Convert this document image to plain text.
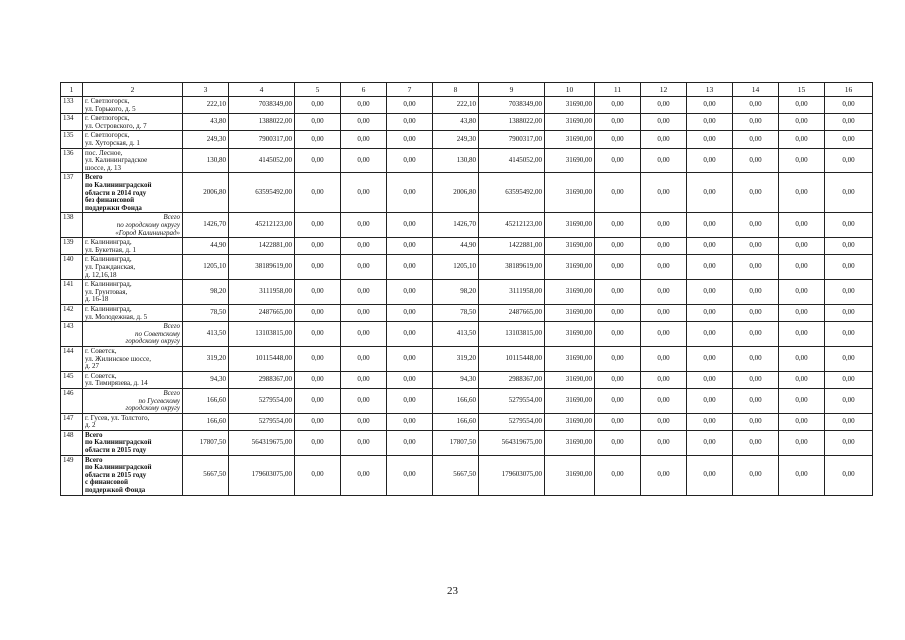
1	2	3	4	5	6	7	8	9	10	11	12	13	14	15	16
133	г. Светлогорск,
ул. Горького, д. 5	222,10	7038349,00	0,00	0,00	0,00	222,10	7038349,00	31690,00	0,00	0,00	0,00	0,00	0,00	0,00
134	г. Светлогорск,
ул. Островского, д. 7	43,80	1388022,00	0,00	0,00	0,00	43,80	1388022,00	31690,00	0,00	0,00	0,00	0,00	0,00	0,00
135	г. Светлогорск,
ул. Хуторская, д. 1	249,30	7900317,00	0,00	0,00	0,00	249,30	7900317,00	31690,00	0,00	0,00	0,00	0,00	0,00	0,00
136	пос. Лесное,
ул. Калининградское
шоссе, д. 13	130,80	4145052,00	0,00	0,00	0,00	130,80	4145052,00	31690,00	0,00	0,00	0,00	0,00	0,00	0,00
137	Всего
по Калининградской
области в 2014 году
без финансовой
поддержки Фонда	2006,80	63595492,00	0,00	0,00	0,00	2006,80	63595492,00	31690,00	0,00	0,00	0,00	0,00	0,00	0,00
138	Всего
по городскому округу
«Город Калининград»	1426,70	45212123,00	0,00	0,00	0,00	1426,70	45212123,00	31690,00	0,00	0,00	0,00	0,00	0,00	0,00
139	г. Калининград,
ул. Букетная, д. 1	44,90	1422881,00	0,00	0,00	0,00	44,90	1422881,00	31690,00	0,00	0,00	0,00	0,00	0,00	0,00
140	г. Калининград,
ул. Гражданская,
д. 12,16,18	1205,10	38189619,00	0,00	0,00	0,00	1205,10	38189619,00	31690,00	0,00	0,00	0,00	0,00	0,00	0,00
141	г. Калининград,
ул. Грунтовая,
д. 16-18	98,20	3111958,00	0,00	0,00	0,00	98,20	3111958,00	31690,00	0,00	0,00	0,00	0,00	0,00	0,00
142	г. Калининград,
ул. Молодежная, д. 5	78,50	2487665,00	0,00	0,00	0,00	78,50	2487665,00	31690,00	0,00	0,00	0,00	0,00	0,00	0,00
143	Всего
по Советскому
городскому округу	413,50	13103815,00	0,00	0,00	0,00	413,50	13103815,00	31690,00	0,00	0,00	0,00	0,00	0,00	0,00
144	г. Советск,
ул. Жилинское шоссе,
д. 27	319,20	10115448,00	0,00	0,00	0,00	319,20	10115448,00	31690,00	0,00	0,00	0,00	0,00	0,00	0,00
145	г. Советск,
ул. Тимирязева, д. 14	94,30	2988367,00	0,00	0,00	0,00	94,30	2988367,00	31690,00	0,00	0,00	0,00	0,00	0,00	0,00
146	Всего
по Гусевскому
городскому округу	166,60	5279554,00	0,00	0,00	0,00	166,60	5279554,00	31690,00	0,00	0,00	0,00	0,00	0,00	0,00
147	г. Гусев, ул. Толстого,
д. 2	166,60	5279554,00	0,00	0,00	0,00	166,60	5279554,00	31690,00	0,00	0,00	0,00	0,00	0,00	0,00
148	Всего
по Калининградской
области в 2015 году	17807,50	564319675,00	0,00	0,00	0,00	17807,50	564319675,00	31690,00	0,00	0,00	0,00	0,00	0,00	0,00
149	Всего
по Калининградской
области в 2015 году
с финансовой
поддержкой Фонда	5667,50	179603075,00	0,00	0,00	0,00	5667,50	179603075,00	31690,00	0,00	0,00	0,00	0,00	0,00	0,00
23
